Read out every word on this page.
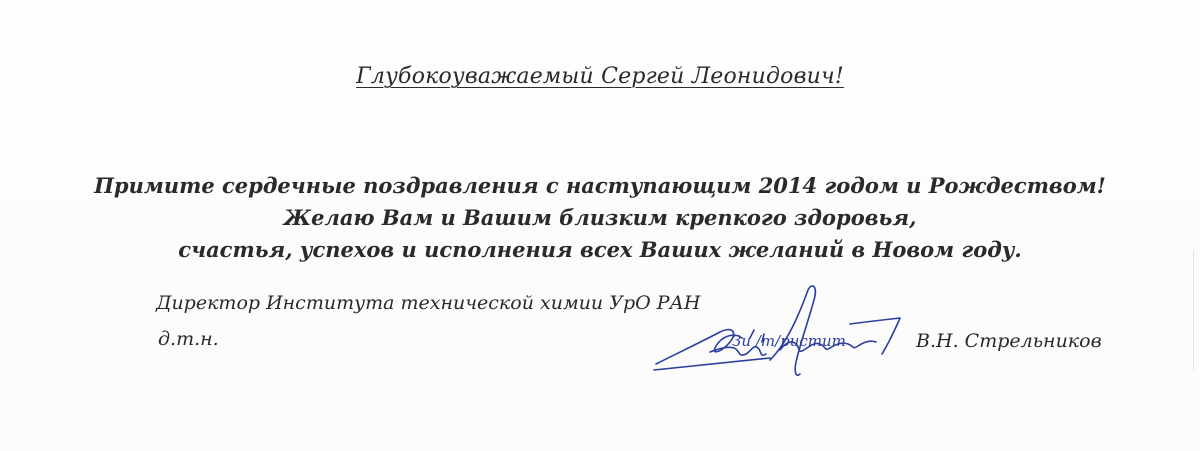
Глубокоуважаемый Сергей Леонидович!
Примите сердечные поздравления с наступающим 2014 годом и Рождеством!
Желаю Вам и Вашим близким крепкого здоровья,
счастья, успехов и исполнения всех Ваших желаний в Новом году.
Директор Института технической химии УрО РАН
д.т.н.	Зи /т/ристит	В.Н. Стрельников
